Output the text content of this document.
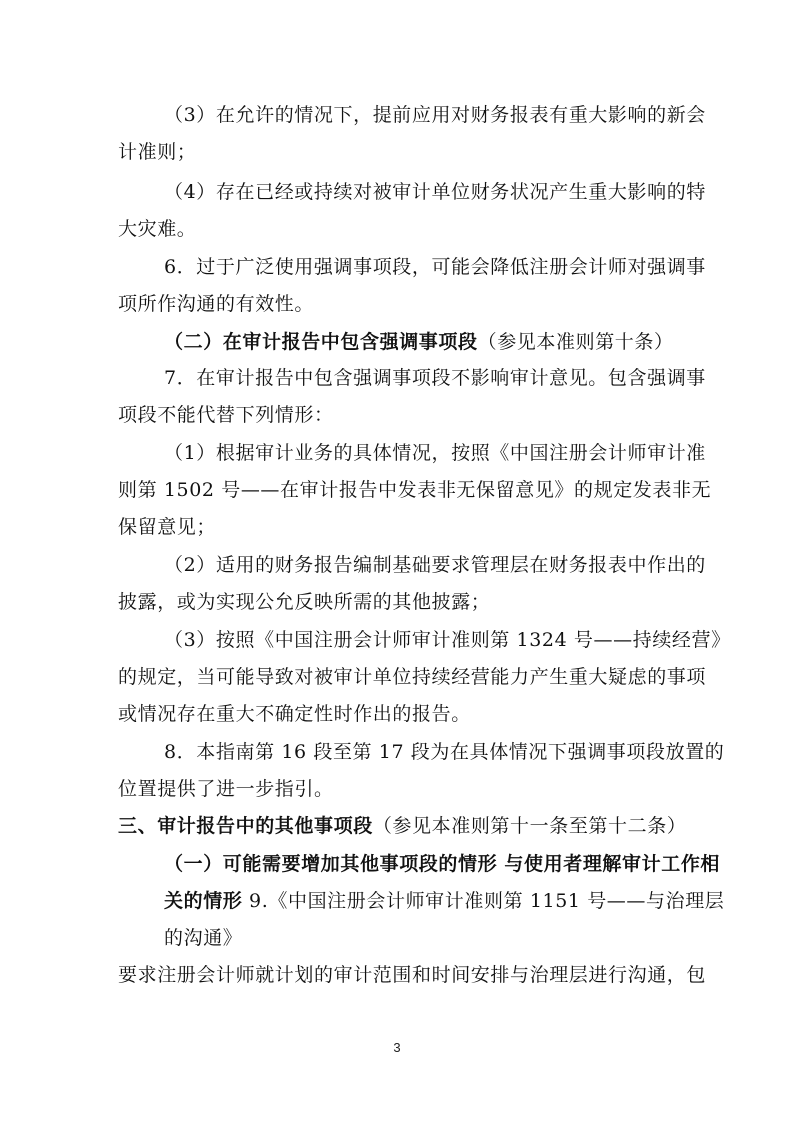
（3）在允许的情况下，提前应用对财务报表有重大影响的新会
计准则；
（4）存在已经或持续对被审计单位财务状况产生重大影响的特
大灾难。
6．过于广泛使用强调事项段，可能会降低注册会计师对强调事
项所作沟通的有效性。
（二）在审计报告中包含强调事项段（参见本准则第十条）
7．在审计报告中包含强调事项段不影响审计意见。包含强调事
项段不能代替下列情形：
（1）根据审计业务的具体情况，按照《中国注册会计师审计准
则第 1502 号——在审计报告中发表非无保留意见》的规定发表非无
保留意见；
（2）适用的财务报告编制基础要求管理层在财务报表中作出的
披露，或为实现公允反映所需的其他披露；
（3）按照《中国注册会计师审计准则第 1324 号——持续经营》
的规定，当可能导致对被审计单位持续经营能力产生重大疑虑的事项
或情况存在重大不确定性时作出的报告。
8．本指南第 16 段至第 17 段为在具体情况下强调事项段放置的
位置提供了进一步指引。
三、审计报告中的其他事项段（参见本准则第十一条至第十二条）
（一）可能需要增加其他事项段的情形 与使用者理解审计工作相
关的情形 9.《中国注册会计师审计准则第 1151 号——与治理层
的沟通》
要求注册会计师就计划的审计范围和时间安排与治理层进行沟通，包
3
